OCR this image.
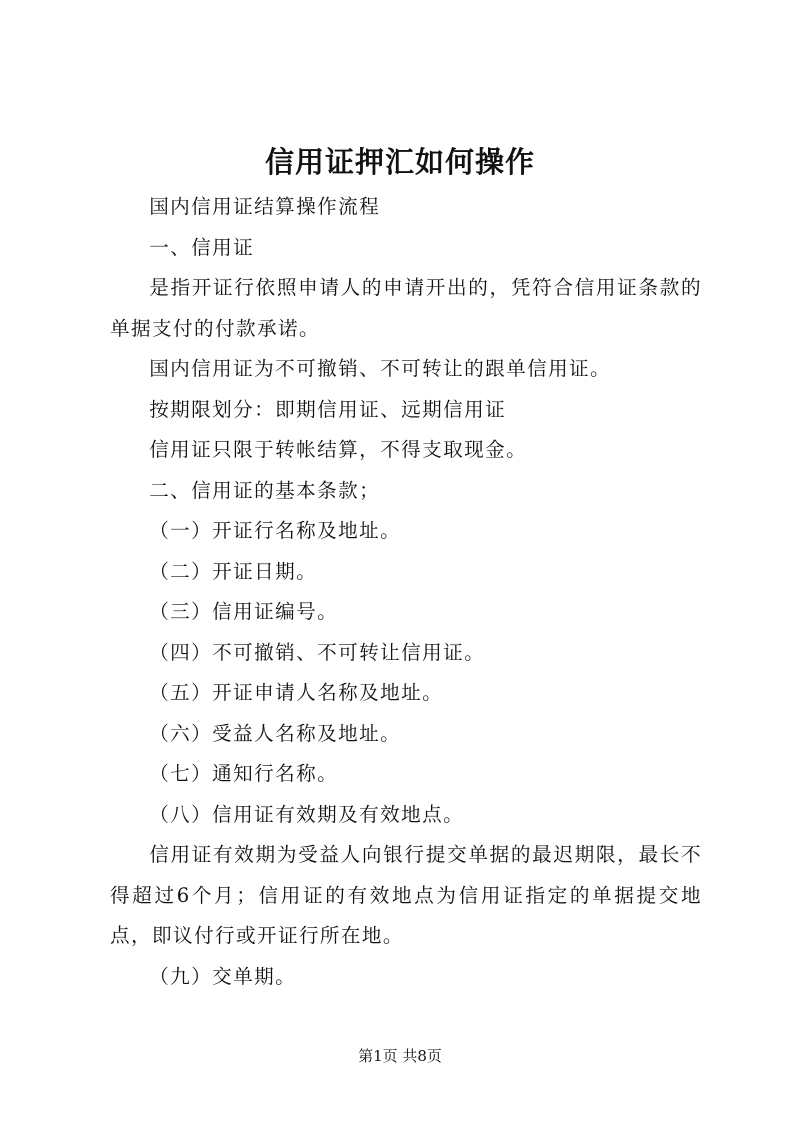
信用证押汇如何操作

国内信用证结算操作流程

一、信用证

是指开证行依照申请人的申请开出的，凭符合信用证条款的单据支付的付款承诺。

国内信用证为不可撤销、不可转让的跟单信用证。

按期限划分：即期信用证、远期信用证

信用证只限于转帐结算，不得支取现金。

二、信用证的基本条款；

（一）开证行名称及地址。

（二）开证日期。

（三）信用证编号。

（四）不可撤销、不可转让信用证。

（五）开证申请人名称及地址。

（六）受益人名称及地址。

（七）通知行名称。

（八）信用证有效期及有效地点。

信用证有效期为受益人向银行提交单据的最迟期限，最长不得超过6个月；信用证的有效地点为信用证指定的单据提交地点，即议付行或开证行所在地。

（九）交单期。

第1页 共8页
